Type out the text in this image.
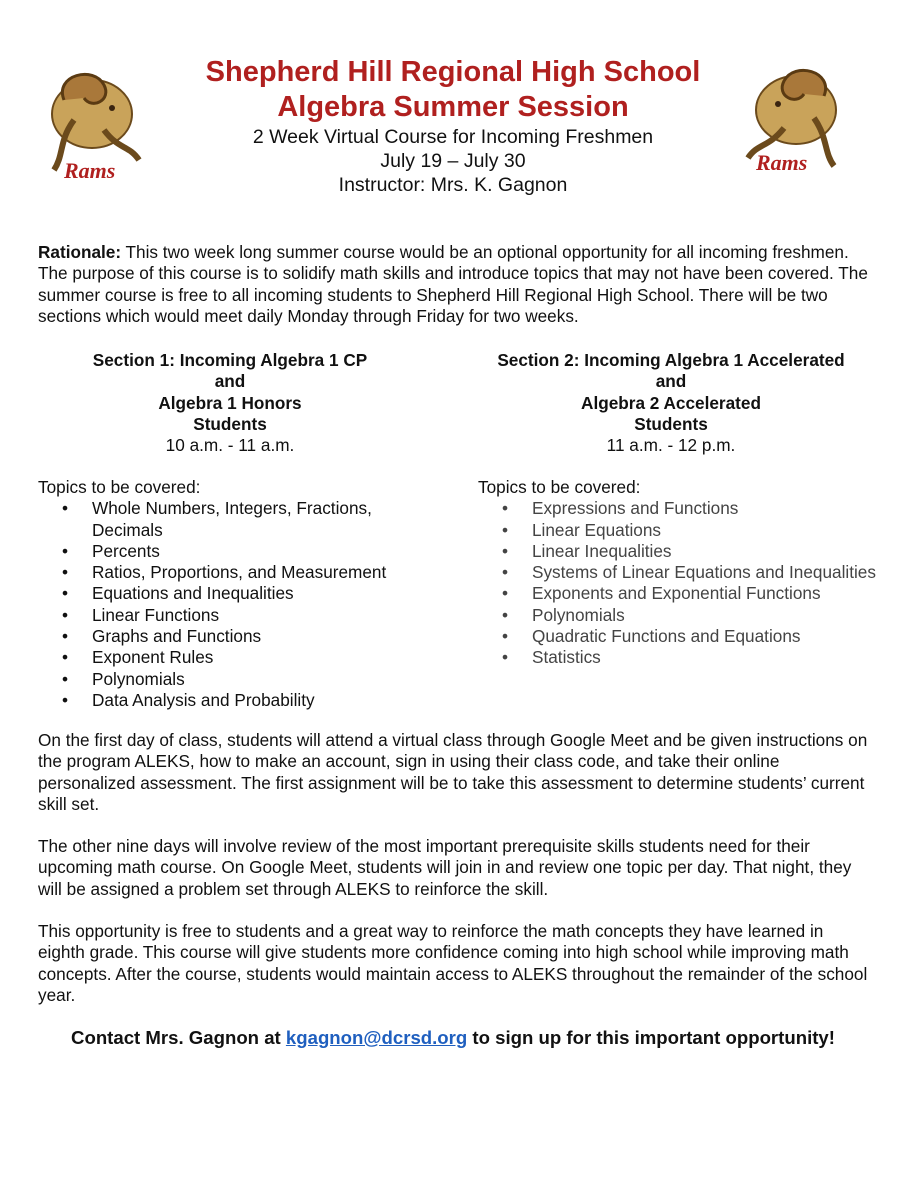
Rams	Rams
Shepherd Hill Regional High School
Algebra Summer Session
2 Week Virtual Course for Incoming Freshmen
July 19 – July 30
Instructor: Mrs. K. Gagnon
Rationale: This two week long summer course would be an optional opportunity for all incoming freshmen. The purpose of this course is to solidify math skills and introduce topics that may not have been covered. The summer course is free to all incoming students to Shepherd Hill Regional High School. There will be two sections which would meet daily Monday through Friday for two weeks.
Section 1: Incoming Algebra 1 CP
and
Algebra 1 Honors
Students
10 a.m. - 11 a.m.
Section 2: Incoming Algebra 1 Accelerated
and
Algebra 2 Accelerated
Students
11 a.m. - 12 p.m.
Topics to be covered:
• Whole Numbers, Integers, Fractions, Decimals
• Percents
• Ratios, Proportions, and Measurement
• Equations and Inequalities
• Linear Functions
• Graphs and Functions
• Exponent Rules
• Polynomials
• Data Analysis and Probability
Topics to be covered:
• Expressions and Functions
• Linear Equations
• Linear Inequalities
• Systems of Linear Equations and Inequalities
• Exponents and Exponential Functions
• Polynomials
• Quadratic Functions and Equations
• Statistics
On the first day of class, students will attend a virtual class through Google Meet and be given instructions on the program ALEKS, how to make an account, sign in using their class code, and take their online personalized assessment. The first assignment will be to take this assessment to determine students’ current skill set.
The other nine days will involve review of the most important prerequisite skills students need for their upcoming math course. On Google Meet, students will join in and review one topic per day. That night, they will be assigned a problem set through ALEKS to reinforce the skill.
This opportunity is free to students and a great way to reinforce the math concepts they have learned in eighth grade. This course will give students more confidence coming into high school while improving math concepts. After the course, students would maintain access to ALEKS throughout the remainder of the school year.
Contact Mrs. Gagnon at kgagnon@dcrsd.org to sign up for this important opportunity!
